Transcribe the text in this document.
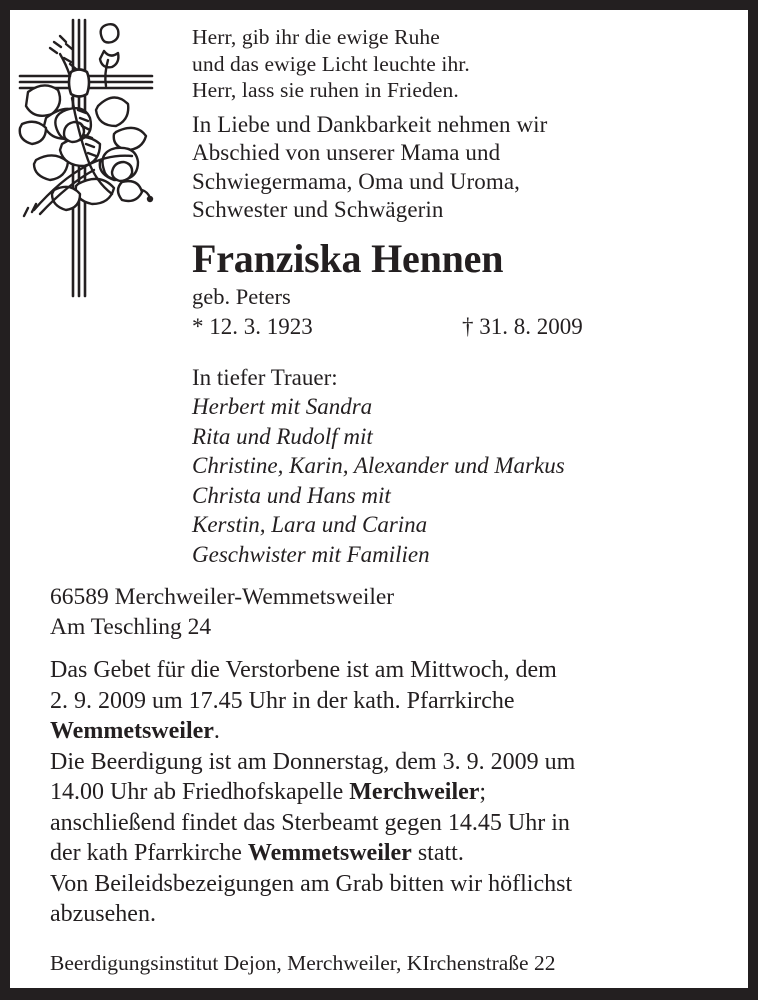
Herr, gib ihr die ewige Ruhe
und das ewige Licht leuchte ihr.
Herr, lass sie ruhen in Frieden.
In Liebe und Dankbarkeit nehmen wir
Abschied von unserer Mama und
Schwiegermama, Oma und Uroma,
Schwester und Schwägerin
Franziska Hennen
geb. Peters
* 12. 3. 1923	† 31. 8. 2009
In tiefer Trauer:
Herbert mit Sandra
Rita und Rudolf mit
Christine, Karin, Alexander und Markus
Christa und Hans mit
Kerstin, Lara und Carina
Geschwister mit Familien
66589 Merchweiler-Wemmetsweiler
Am Teschling 24
Das Gebet für die Verstorbene ist am Mittwoch, dem
2. 9. 2009 um 17.45 Uhr in der kath. Pfarrkirche
Wemmetsweiler.
Die Beerdigung ist am Donnerstag, dem 3. 9. 2009 um
14.00 Uhr ab Friedhofskapelle Merchweiler;
anschließend findet das Sterbeamt gegen 14.45 Uhr in
der kath Pfarrkirche Wemmetsweiler statt.
Von Beileidsbezeigungen am Grab bitten wir höflichst
abzusehen.
Beerdigungsinstitut Dejon, Merchweiler, KIrchenstraße 22
